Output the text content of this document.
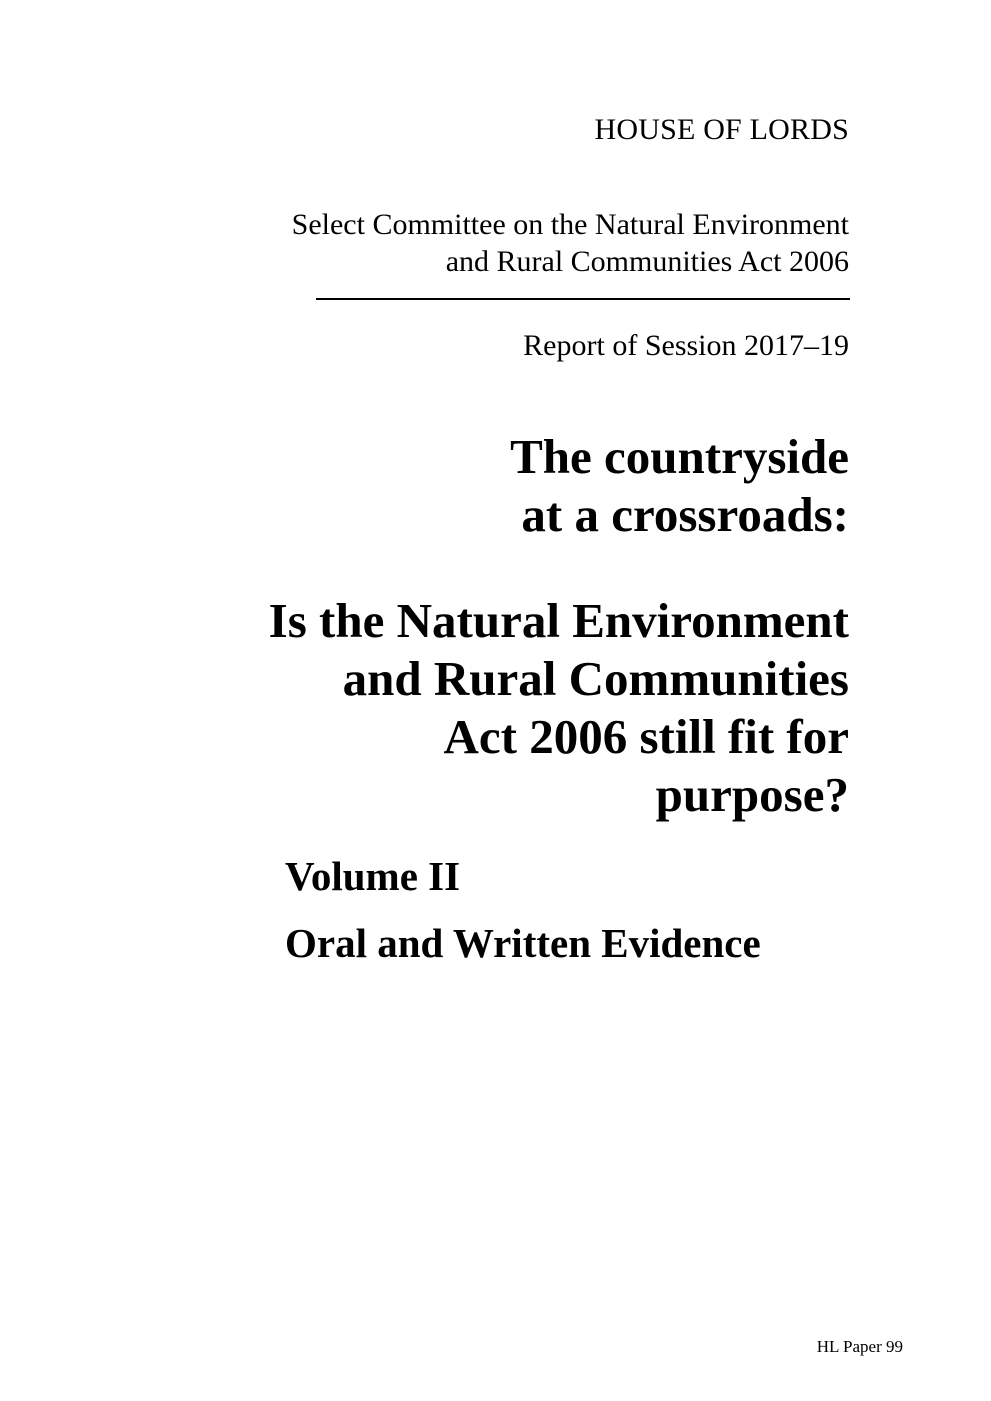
HOUSE OF LORDS
Select Committee on the Natural Environment
and Rural Communities Act 2006
Report of Session 2017–19
The countryside
at a crossroads:
Is the Natural Environment
and Rural Communities
Act 2006 still fit for
purpose?
Volume II
Oral and Written Evidence
HL Paper 99
